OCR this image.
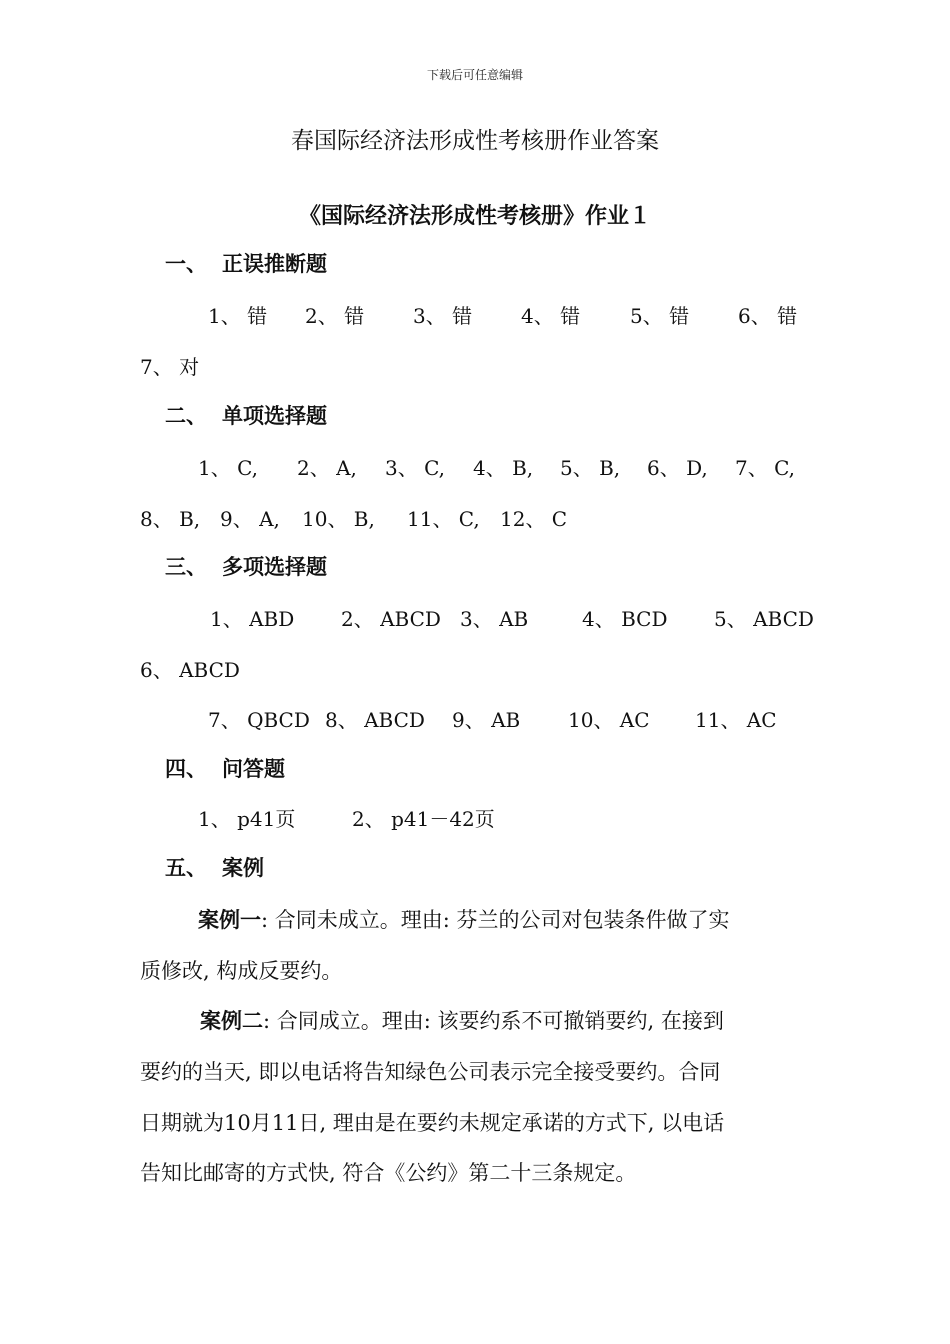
下载后可任意编辑
春国际经济法形成性考核册作业答案
《国际经济法形成性考核册》作业１
一、 正误推断题
1、 错 2、 错 3、 错 4、 错 5、 错 6、 错
7、 对
二、 单项选择题
1、 C, 2、 A, 3、 C, 4、 B, 5、 B, 6、 D, 7、 C,
8、 B, 9、 A, 10、 B, 11、 C, 12、 C
三、 多项选择题
1、 ABD 2、 ABCD 3、 AB	4、 BCD 5、 ABCD
6、 ABCD
7、 QBCD 8、 ABCD 9、 AB 10、 AC 11、 AC
四、 问答题
1、 p41页	2、 p41－42页
五、 案例
案例一: 合同未成立。理由: 芬兰的公司对包装条件做了实
质修改, 构成反要约。
案例二: 合同成立。理由: 该要约系不可撤销要约, 在接到
要约的当天, 即以电话将告知绿色公司表示完全接受要约。合同
日期就为10月11日, 理由是在要约未规定承诺的方式下, 以电话
告知比邮寄的方式快, 符合《公约》第二十三条规定。
